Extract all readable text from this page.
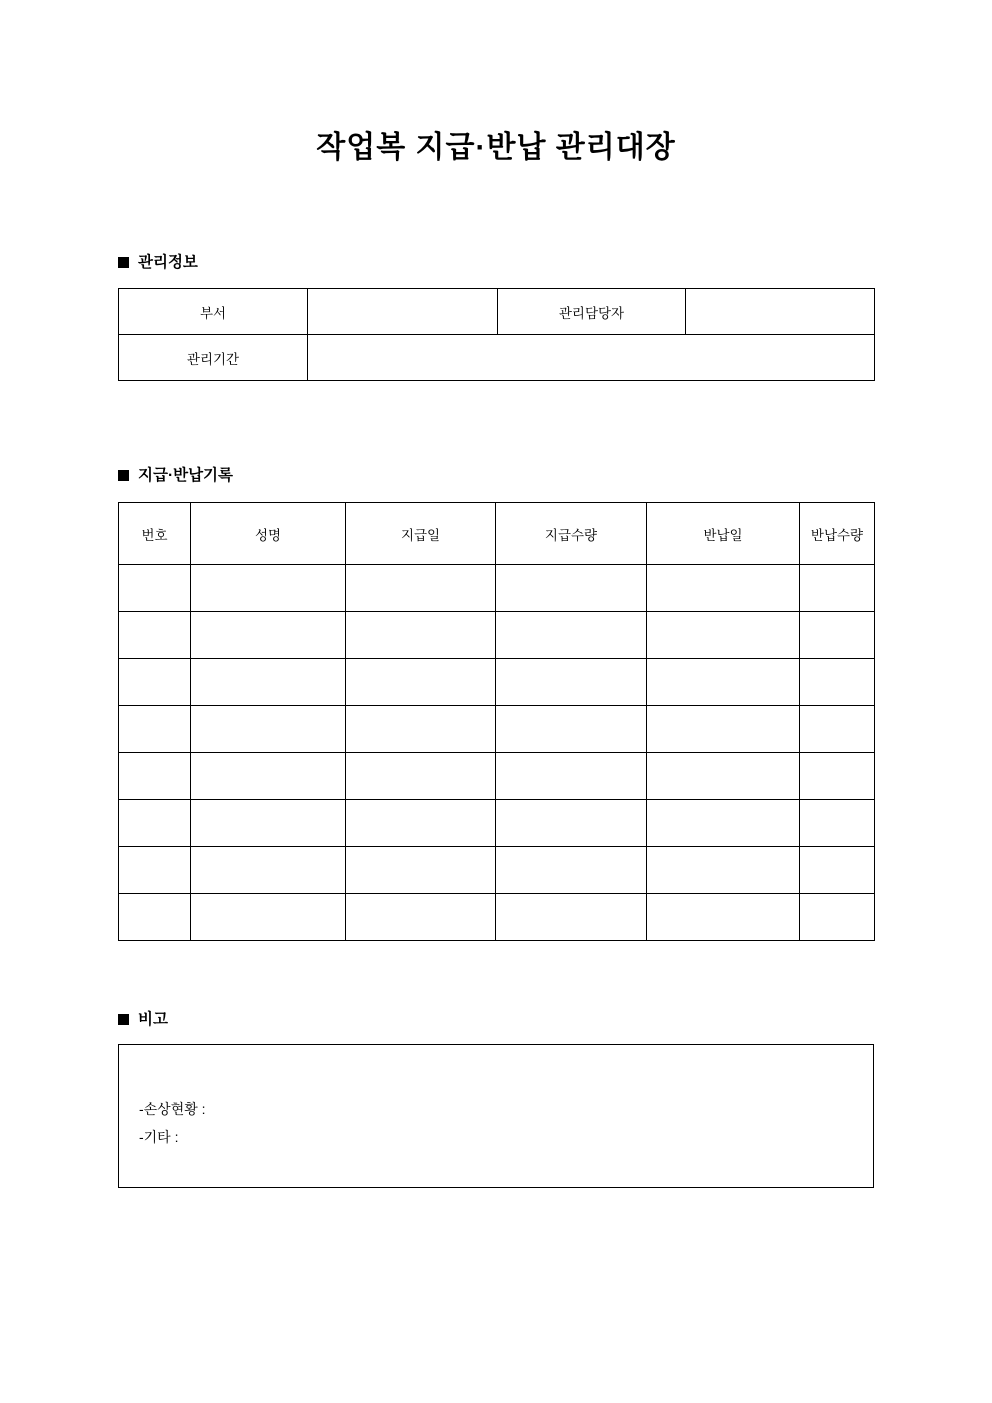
작업복 지급·반납 관리대장
관리정보
부서		관리담당자	
관리기간			
지급·반납기록
번호	성명	지급일	지급수량	반납일	반납수량

비고
-손상현황 :
-기타 :
